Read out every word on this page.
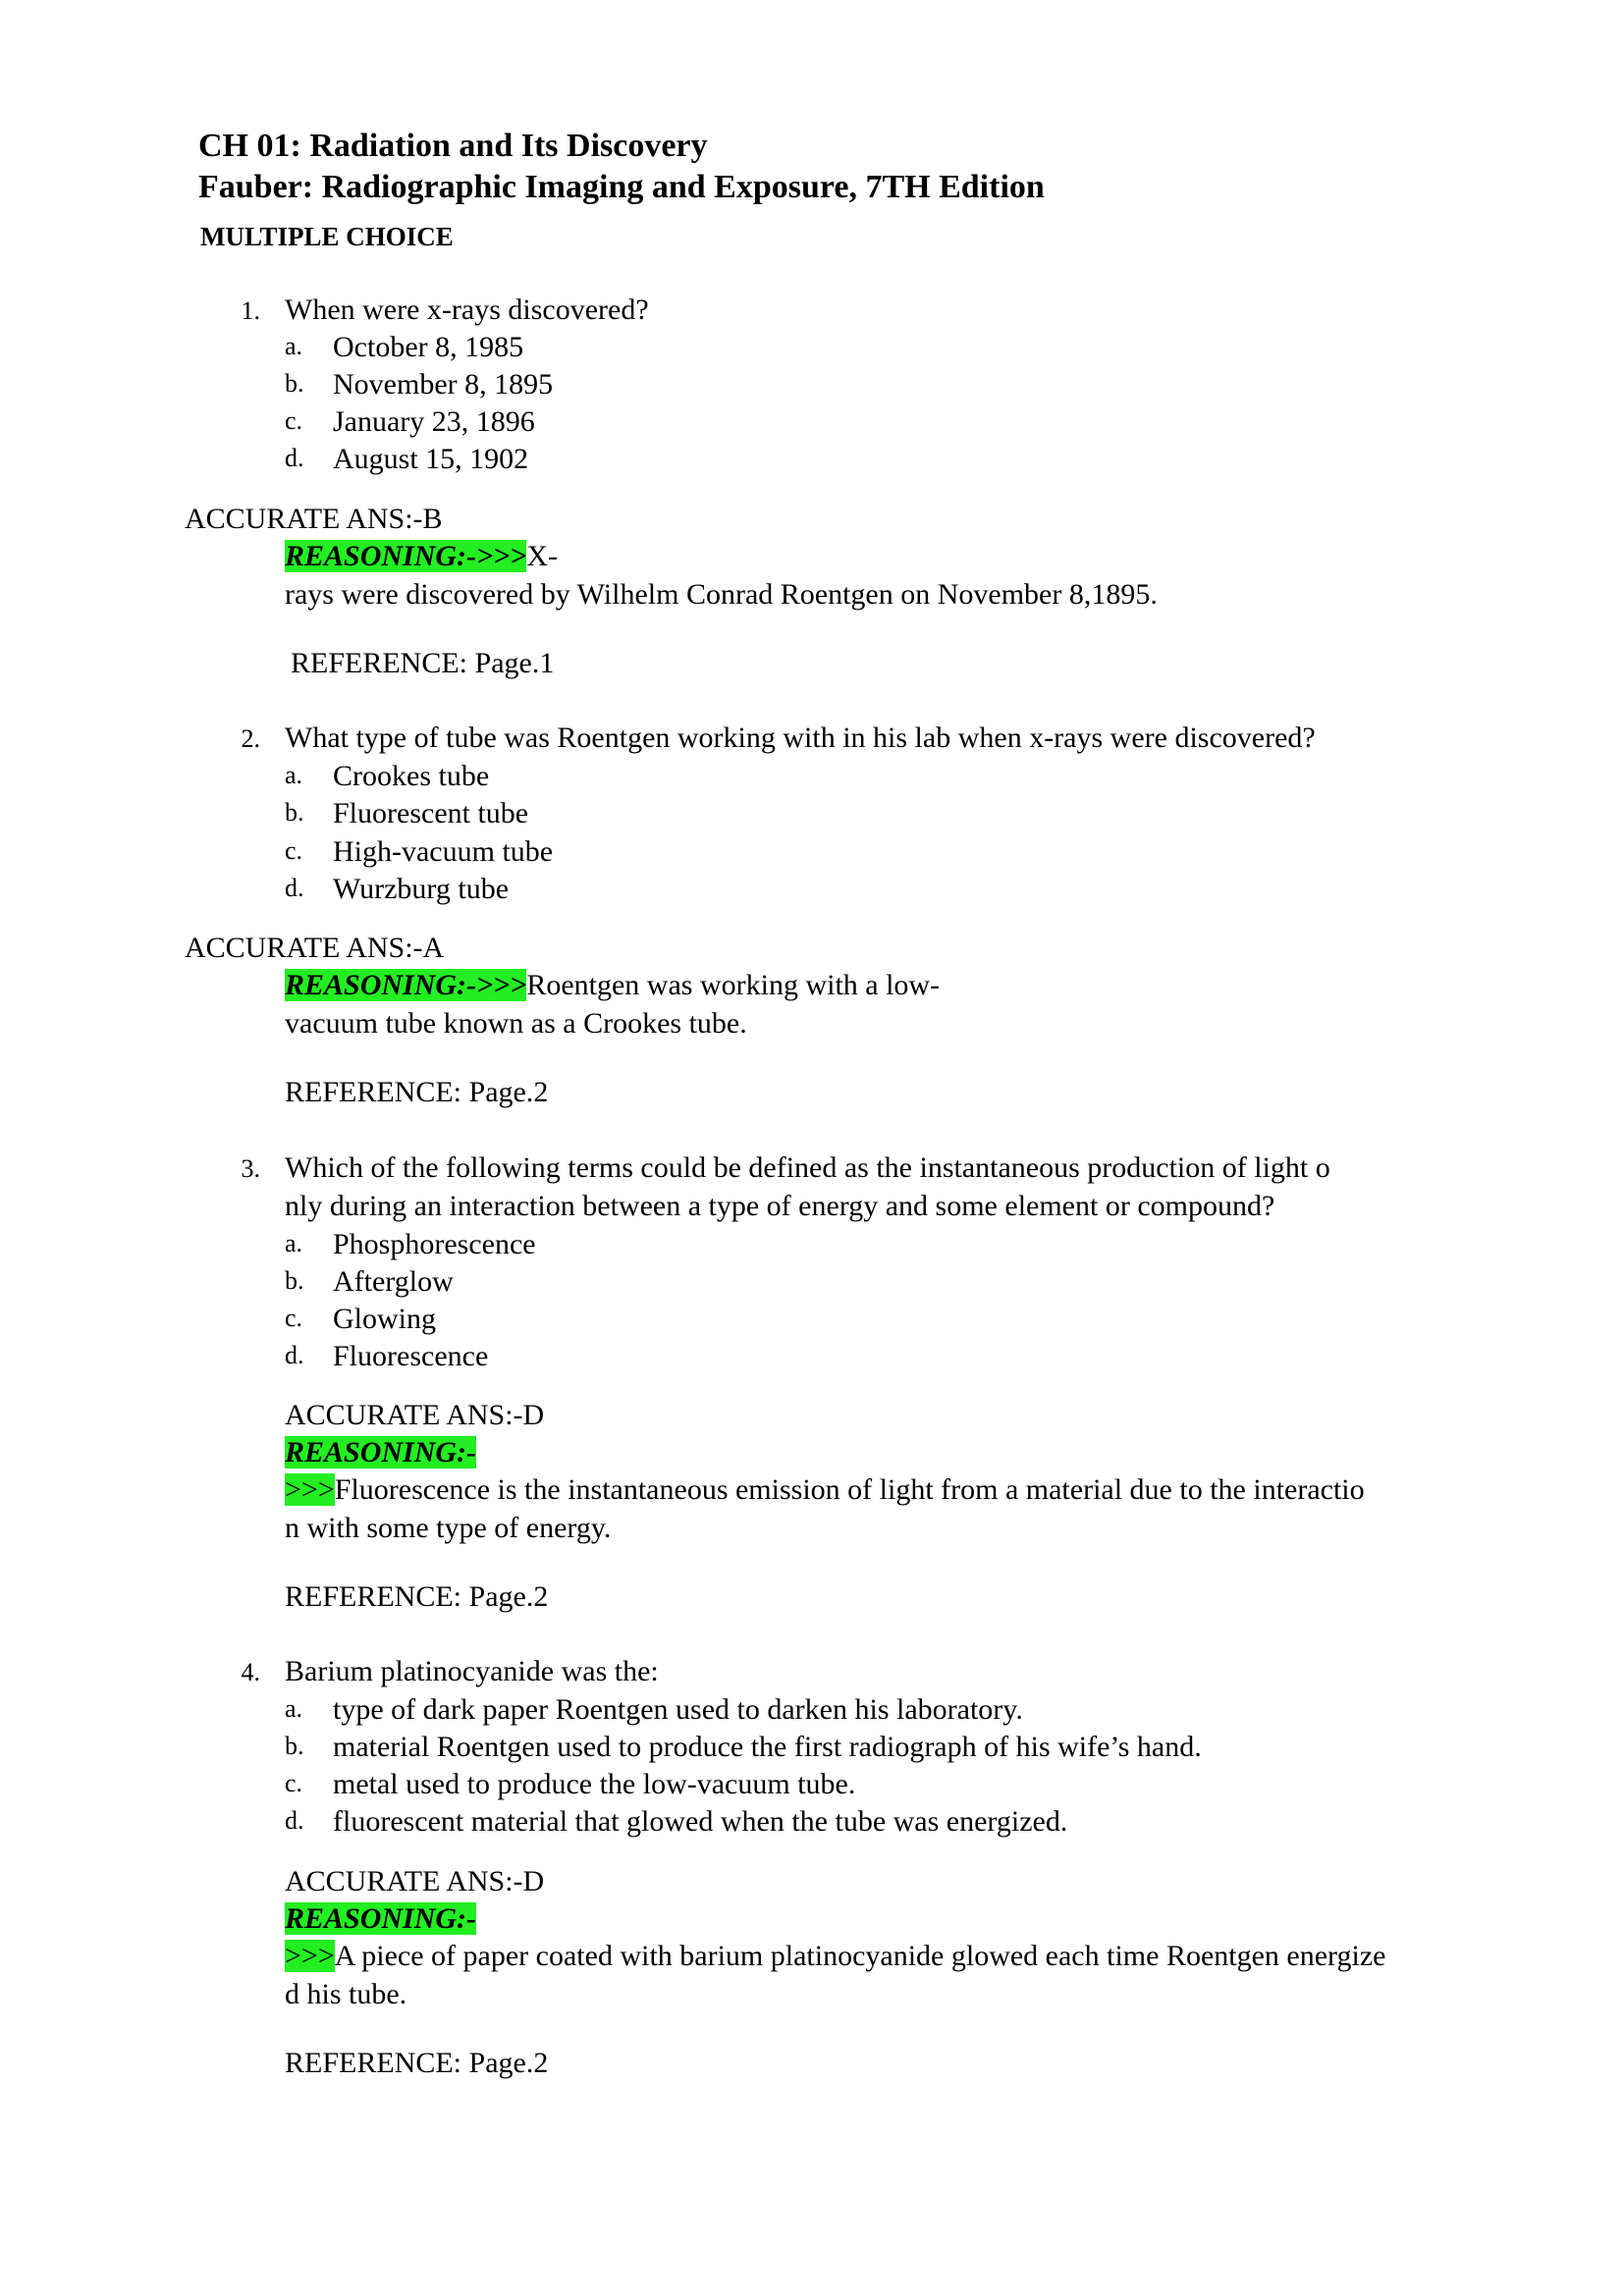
CH 01: Radiation and Its Discovery
Fauber: Radiographic Imaging and Exposure, 7TH Edition
MULTIPLE CHOICE
1. When were x-rays discovered?
a. October 8, 1985
b. November 8, 1895
c. January 23, 1896
d. August 15, 1902
ACCURATE ANS:-B
REASONING:->>>X-
rays were discovered by Wilhelm Conrad Roentgen on November 8,1895.
REFERENCE: Page.1
2. What type of tube was Roentgen working with in his lab when x-rays were discovered?
a. Crookes tube
b. Fluorescent tube
c. High-vacuum tube
d. Wurzburg tube
ACCURATE ANS:-A
REASONING:->>>Roentgen was working with a low-
vacuum tube known as a Crookes tube.
REFERENCE: Page.2
3. Which of the following terms could be defined as the instantaneous production of light o
nly during an interaction between a type of energy and some element or compound?
a. Phosphorescence
b. Afterglow
c. Glowing
d. Fluorescence
ACCURATE ANS:-D
REASONING:-
>>>Fluorescence is the instantaneous emission of light from a material due to the interactio
n with some type of energy.
REFERENCE: Page.2
4. Barium platinocyanide was the:
a. type of dark paper Roentgen used to darken his laboratory.
b. material Roentgen used to produce the first radiograph of his wife’s hand.
c. metal used to produce the low-vacuum tube.
d. fluorescent material that glowed when the tube was energized.
ACCURATE ANS:-D
REASONING:-
>>>A piece of paper coated with barium platinocyanide glowed each time Roentgen energize
d his tube.
REFERENCE: Page.2
